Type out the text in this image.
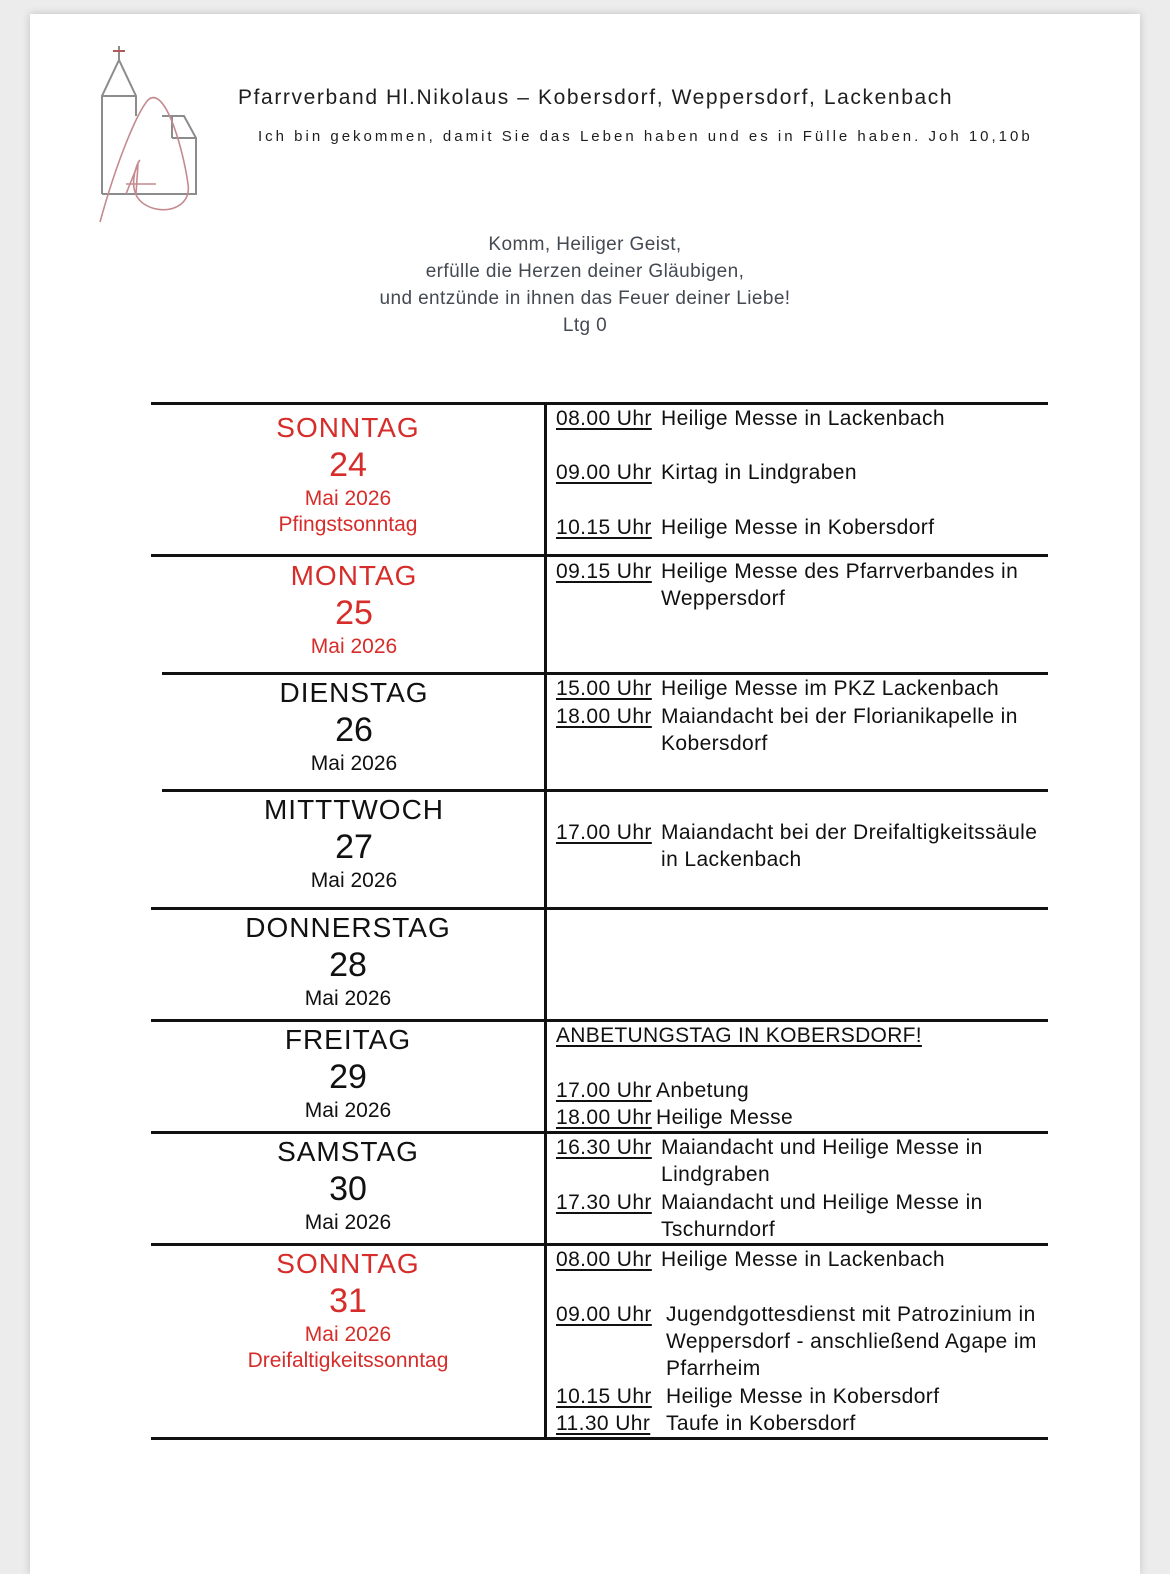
Pfarrverband Hl.Nikolaus – Kobersdorf, Weppersdorf, Lackenbach
Ich bin gekommen, damit Sie das Leben haben und es in Fülle haben. Joh 10,10b
Komm, Heiliger Geist,
erfülle die Herzen deiner Gläubigen,
und entzünde in ihnen das Feuer deiner Liebe!
Ltg 0
SONNTAG
24
Mai 2026
Pfingstsonntag
08.00 Uhr Heilige Messe in Lackenbach
09.00 Uhr Kirtag in Lindgraben
10.15 Uhr Heilige Messe in Kobersdorf
MONTAG
25
Mai 2026
09.15 Uhr Heilige Messe des Pfarrverbandes in
Weppersdorf
DIENSTAG
26
Mai 2026
15.00 Uhr Heilige Messe im PKZ Lackenbach
18.00 Uhr Maiandacht bei der Florianikapelle in
Kobersdorf
MITTTWOCH
27
Mai 2026
17.00 Uhr Maiandacht bei der Dreifaltigkeitssäule
in Lackenbach
DONNERSTAG
28
Mai 2026
FREITAG
29
Mai 2026
ANBETUNGSTAG IN KOBERSDORF!
17.00 Uhr Anbetung
18.00 Uhr Heilige Messe
SAMSTAG
30
Mai 2026
16.30 Uhr Maiandacht und Heilige Messe in
Lindgraben
17.30 Uhr Maiandacht und Heilige Messe in
Tschurndorf
SONNTAG
31
Mai 2026
Dreifaltigkeitssonntag
08.00 Uhr Heilige Messe in Lackenbach
09.00 Uhr Jugendgottesdienst mit Patrozinium in
Weppersdorf - anschließend Agape im
Pfarrheim
10.15 Uhr Heilige Messe in Kobersdorf
11.30 Uhr Taufe in Kobersdorf
